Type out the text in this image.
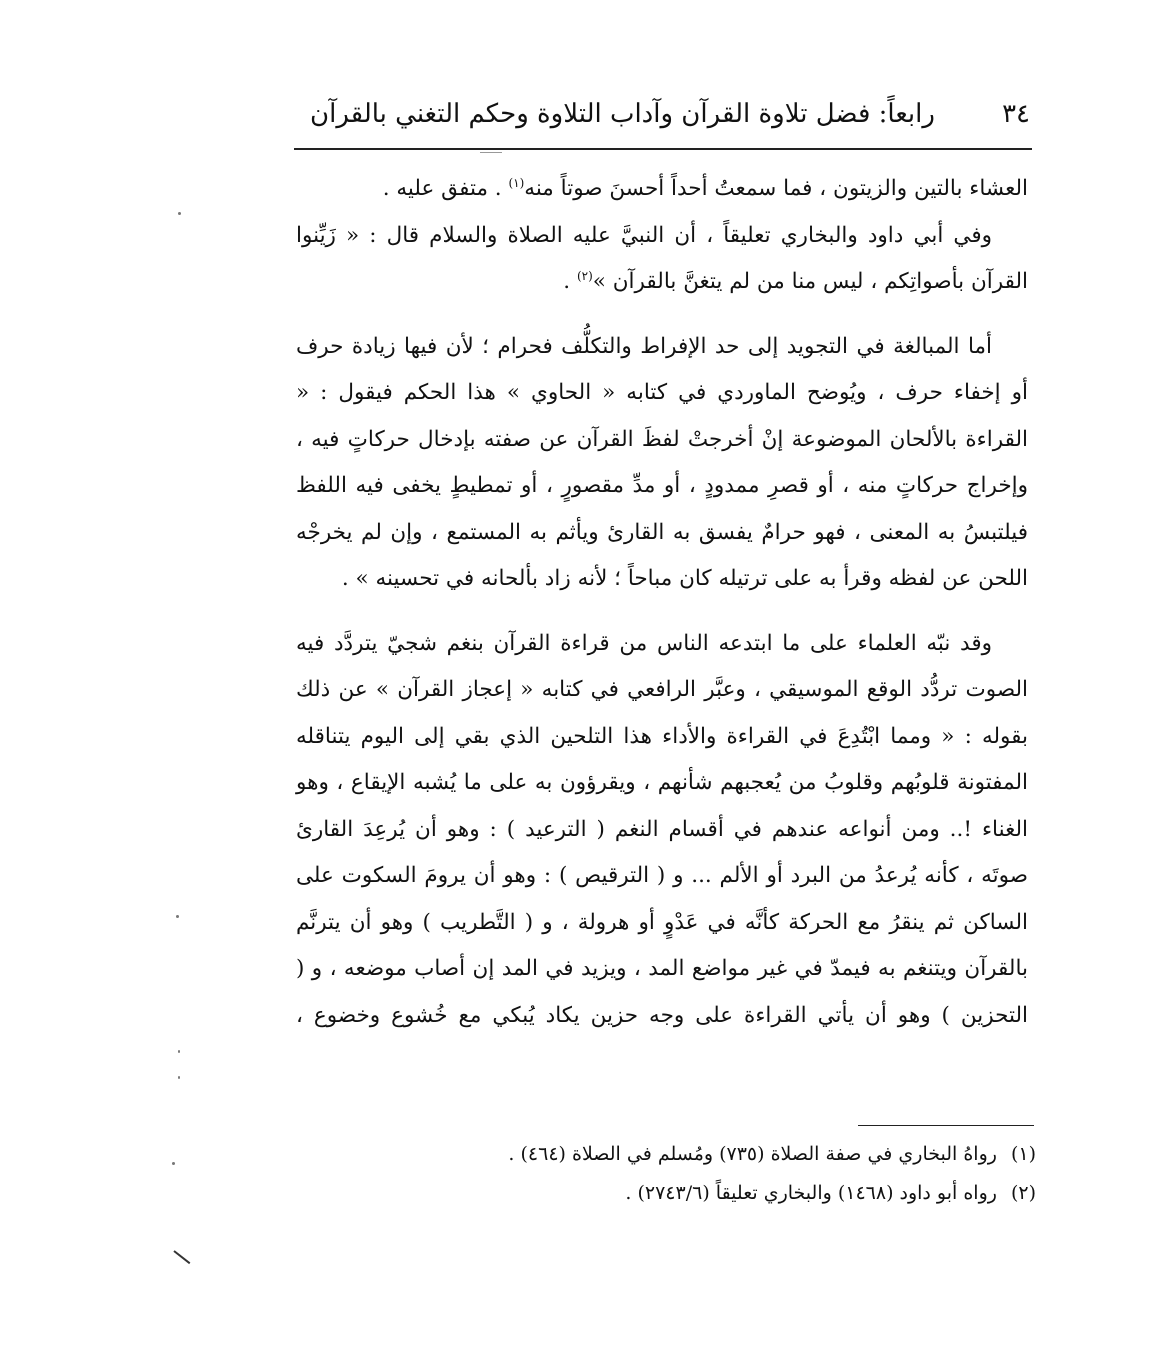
٣٤
رابعاً: فضل تلاوة القرآن وآداب التلاوة وحكم التغني بالقرآن

العشاء بالتين والزيتون ، فما سمعتُ أحداً أحسنَ صوتاً منه$^{(١)}$ . متفق عليه .

وفي أبي داود والبخاري تعليقاً ، أن النبيَّ عليه الصلاة والسلام قال : « زَيِّنوا القرآن بأصواتِكم ، ليس منا من لم يتغنَّ بالقرآن »$^{(٢)}$ .

أما المبالغة في التجويد إلى حد الإفراط والتكلُّف فحرام ؛ لأن فيها زيادة حرف أو إخفاء حرف ، ويُوضح الماوردي في كتابه « الحاوي » هذا الحكم فيقول : « القراءة بالألحان الموضوعة إنْ أخرجتْ لفظَ القرآن عن صفته بإدخال حركاتٍ فيه ، وإخراج حركاتٍ منه ، أو قصرِ ممدودٍ ، أو مدِّ مقصورٍ ، أو تمطيطٍ يخفى فيه اللفظ فيلتبسُ به المعنى ، فهو حرامٌ يفسق به القارئ ويأثم به المستمع ، وإن لم يخرجْه اللحن عن لفظه وقرأ به على ترتيله كان مباحاً ؛ لأنه زاد بألحانه في تحسينه » .

وقد نبّه العلماء على ما ابتدعه الناس من قراءة القرآن بنغم شجيّ يتردَّد فيه الصوت تردُّد الوقع الموسيقي ، وعبَّر الرافعي في كتابه « إعجاز القرآن » عن ذلك بقوله : « ومما ابْتُدِعَ في القراءة والأداء هذا التلحين الذي بقي إلى اليوم يتناقله المفتونة قلوبُهم وقلوبُ من يُعجبهم شأنهم ، ويقرؤون به على ما يُشبه الإيقاع ، وهو الغناء !.. ومن أنواعه عندهم في أقسام النغم ( الترعيد ) : وهو أن يُرعِدَ القارئ صوتَه ، كأنه يُرعدُ من البرد أو الألم ... و ( الترقيص ) : وهو أن يرومَ السكوت على الساكن ثم ينقرُ مع الحركة كأنَّه في عَدْوٍ أو هرولة ، و ( التَّطريب ) وهو أن يترنَّم بالقرآن ويتنغم به فيمدّ في غير مواضع المد ، ويزيد في المد إن أصاب موضعه ، و ( التحزين ) وهو أن يأتي القراءة على وجه حزين يكاد يُبكي مع خُشوع وخضوع ،

(١)
رواهُ البخاري في صفة الصلاة (٧٣٥) ومُسلم في الصلاة (٤٦٤) .
(٢)
رواه أبو داود (١٤٦٨) والبخاري تعليقاً (٢٧٤٣/٦) .
